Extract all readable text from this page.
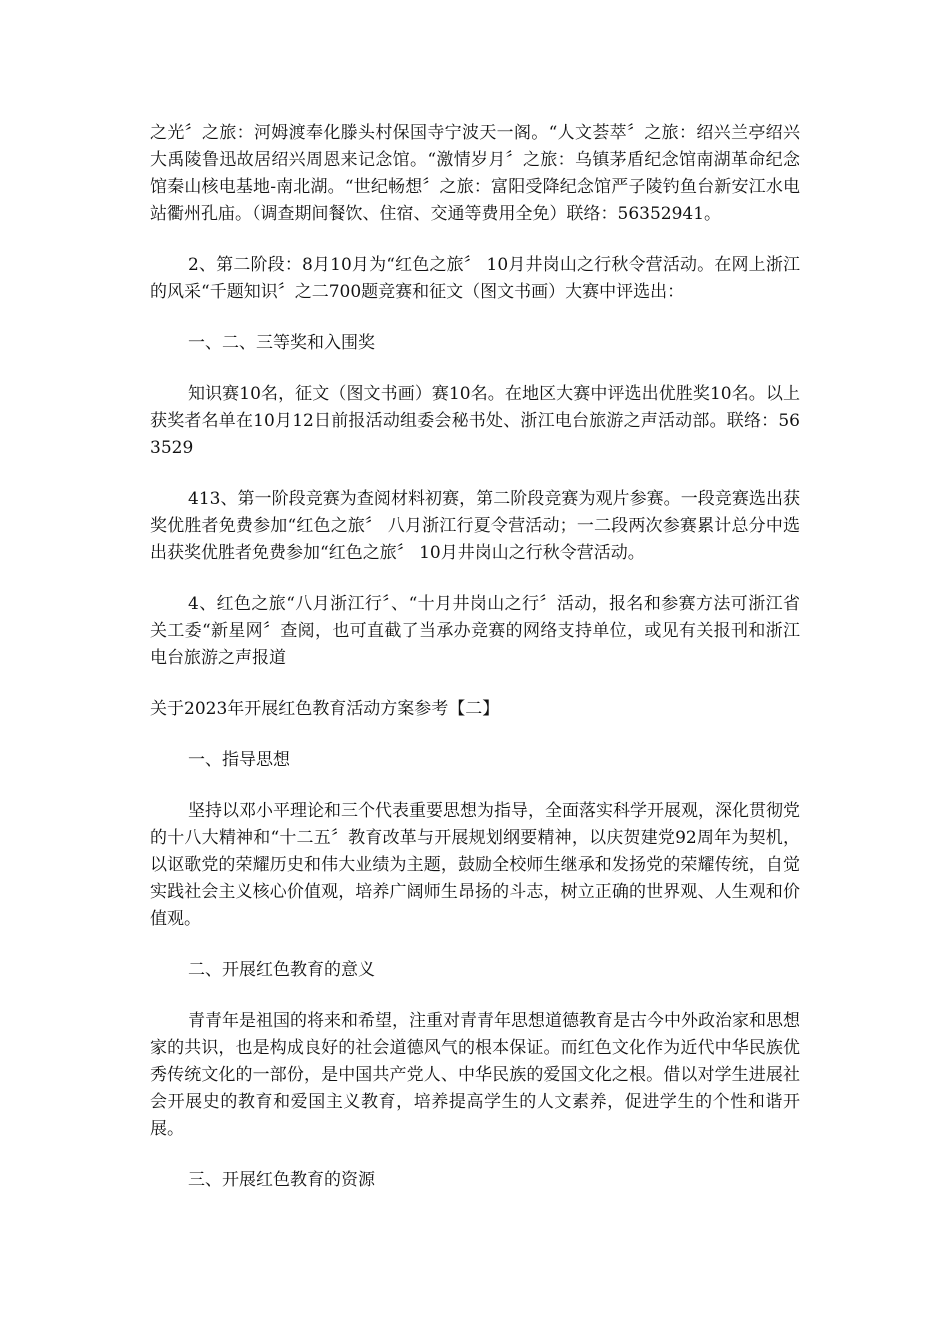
之光〞之旅：河姆渡奉化滕头村保国寺宁波天一阁。“人文荟萃〞之旅：绍兴兰亭绍兴大禹陵鲁迅故居绍兴周恩来记念馆。“激情岁月〞之旅：乌镇茅盾纪念馆南湖革命纪念馆秦山核电基地-南北湖。“世纪畅想〞之旅：富阳受降纪念馆严子陵钓鱼台新安江水电站衢州孔庙。（调查期间餐饮、住宿、交通等费用全免）联络：56352941。

2、第二阶段：8月10月为“红色之旅〞 10月井岗山之行秋令营活动。在网上浙江的风采“千题知识〞之二700题竞赛和征文（图文书画）大赛中评选出：

一、二、三等奖和入围奖

知识赛10名，征文（图文书画）赛10名。在地区大赛中评选出优胜奖10名。以上获奖者名单在10月12日前报活动组委会秘书处、浙江电台旅游之声活动部。联络：563529

413、第一阶段竞赛为查阅材料初赛，第二阶段竞赛为观片参赛。一段竞赛选出获奖优胜者免费参加“红色之旅〞 八月浙江行夏令营活动；一二段两次参赛累计总分中选出获奖优胜者免费参加“红色之旅〞 10月井岗山之行秋令营活动。

4、红色之旅“八月浙江行〞、“十月井岗山之行〞活动，报名和参赛方法可浙江省关工委“新星网〞查阅，也可直截了当承办竞赛的网络支持单位，或见有关报刊和浙江电台旅游之声报道

关于2023年开展红色教育活动方案参考【二】

一、指导思想

坚持以邓小平理论和三个代表重要思想为指导，全面落实科学开展观，深化贯彻党的十八大精神和“十二五〞教育改革与开展规划纲要精神，以庆贺建党92周年为契机，以讴歌党的荣耀历史和伟大业绩为主题，鼓励全校师生继承和发扬党的荣耀传统，自觉实践社会主义核心价值观，培养广阔师生昂扬的斗志，树立正确的世界观、人生观和价值观。

二、开展红色教育的意义

青青年是祖国的将来和希望，注重对青青年思想道德教育是古今中外政治家和思想家的共识，也是构成良好的社会道德风气的根本保证。而红色文化作为近代中华民族优秀传统文化的一部份，是中国共产党人、中华民族的爱国文化之根。借以对学生进展社会开展史的教育和爱国主义教育，培养提高学生的人文素养，促进学生的个性和谐开展。

三、开展红色教育的资源
